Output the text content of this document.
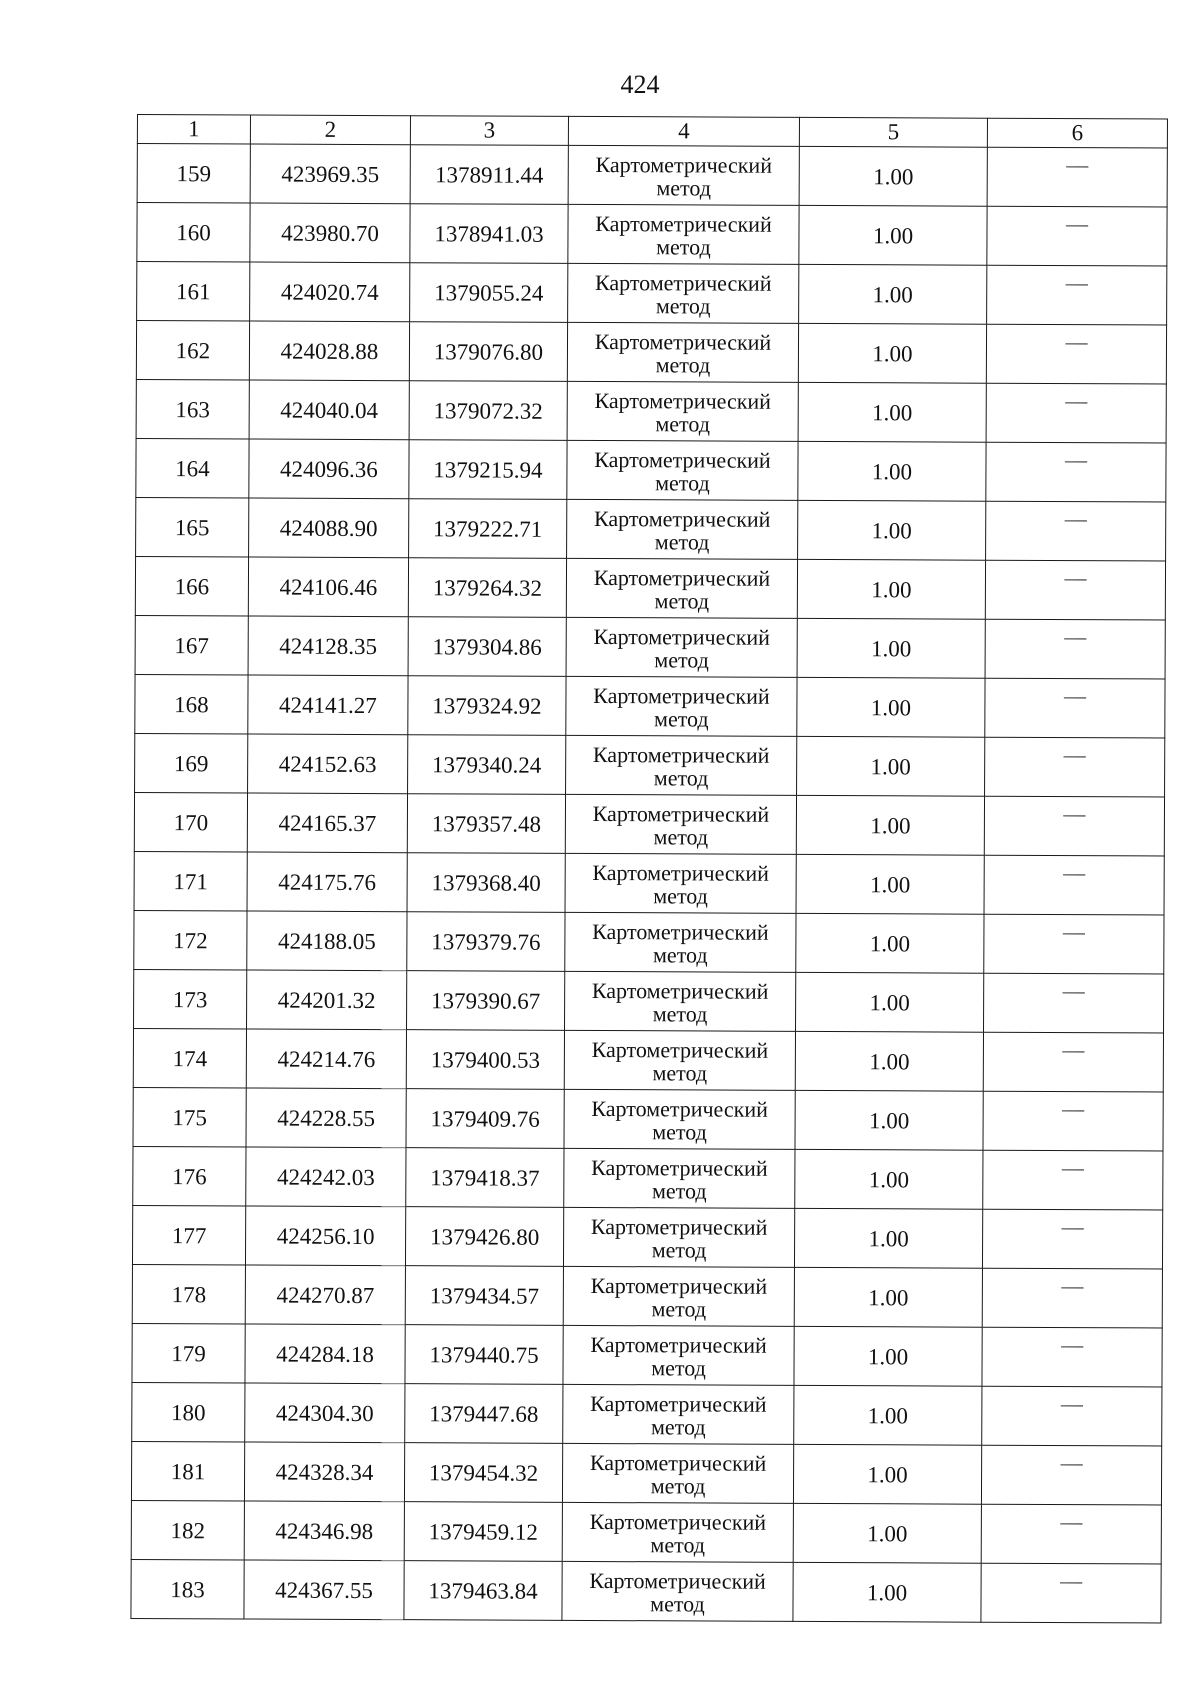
424
1	2	3	4	5	6
159	423969.35	1378911.44	Картометрический
метод	1.00	—
160	423980.70	1378941.03	Картометрический
метод	1.00	—
161	424020.74	1379055.24	Картометрический
метод	1.00	—
162	424028.88	1379076.80	Картометрический
метод	1.00	—
163	424040.04	1379072.32	Картометрический
метод	1.00	—
164	424096.36	1379215.94	Картометрический
метод	1.00	—
165	424088.90	1379222.71	Картометрический
метод	1.00	—
166	424106.46	1379264.32	Картометрический
метод	1.00	—
167	424128.35	1379304.86	Картометрический
метод	1.00	—
168	424141.27	1379324.92	Картометрический
метод	1.00	—
169	424152.63	1379340.24	Картометрический
метод	1.00	—
170	424165.37	1379357.48	Картометрический
метод	1.00	—
171	424175.76	1379368.40	Картометрический
метод	1.00	—
172	424188.05	1379379.76	Картометрический
метод	1.00	—
173	424201.32	1379390.67	Картометрический
метод	1.00	—
174	424214.76	1379400.53	Картометрический
метод	1.00	—
175	424228.55	1379409.76	Картометрический
метод	1.00	—
176	424242.03	1379418.37	Картометрический
метод	1.00	—
177	424256.10	1379426.80	Картометрический
метод	1.00	—
178	424270.87	1379434.57	Картометрический
метод	1.00	—
179	424284.18	1379440.75	Картометрический
метод	1.00	—
180	424304.30	1379447.68	Картометрический
метод	1.00	—
181	424328.34	1379454.32	Картометрический
метод	1.00	—
182	424346.98	1379459.12	Картометрический
метод	1.00	—
183	424367.55	1379463.84	Картометрический
метод	1.00	—
